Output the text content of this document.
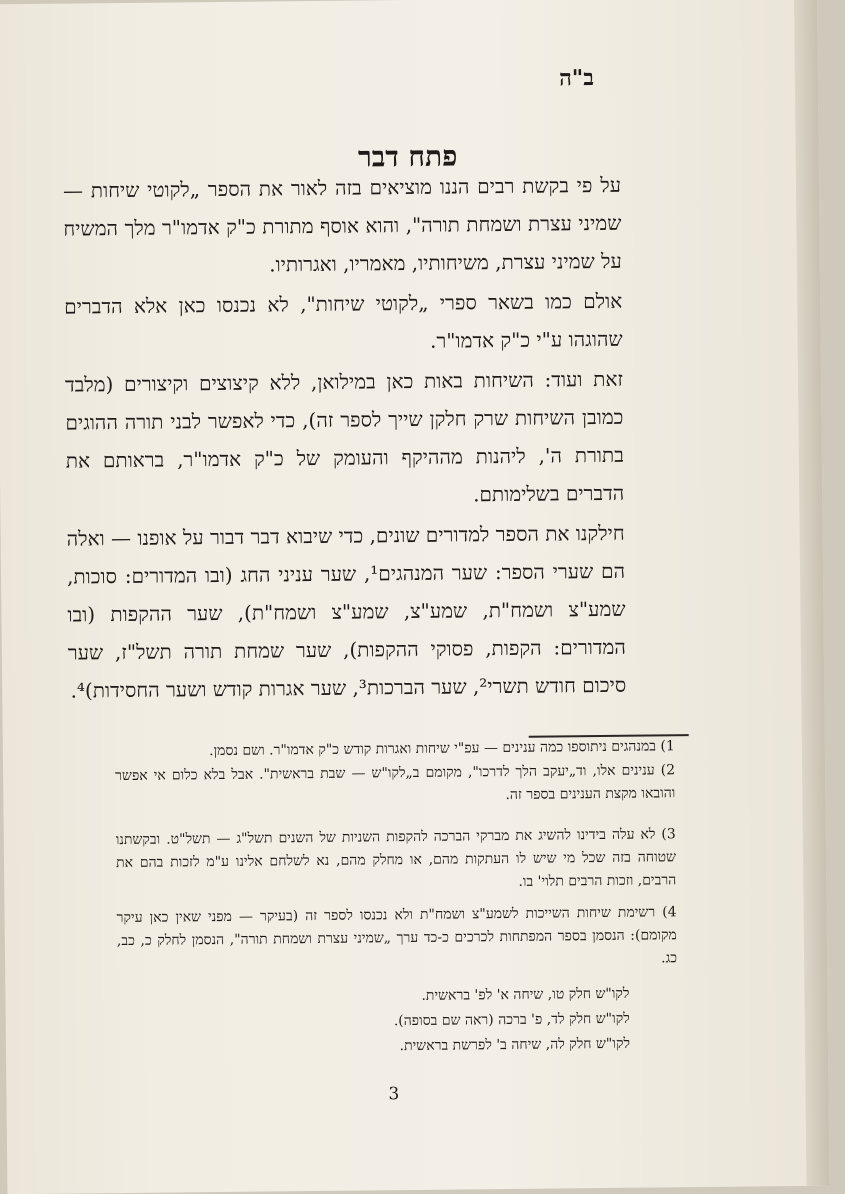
ב"ה
פתח דבר
על פי בקשת רבים הננו מוציאים בזה לאור את הספר „לקוטי שיחות — שמיני עצרת ושמחת תורה", והוא אוסף מתורת כ"ק אדמו"ר מלך המשיח על שמיני עצרת, משיחותיו, מאמריו, ואגרותיו.
אולם כמו בשאר ספרי „לקוטי שיחות", לא נכנסו כאן אלא הדברים שהוגהו ע"י כ"ק אדמו"ר.
זאת ועוד: השיחות באות כאן במילואן, ללא קיצוצים וקיצורים (מלבד כמובן השיחות שרק חלקן שייך לספר זה), כדי לאפשר לבני תורה ההוגים בתורת ה', ליהנות מההיקף והעומק של כ"ק אדמו"ר, בראותם את הדברים בשלימותם.
חילקנו את הספר למדורים שונים, כדי שיבוא דבר דבור על אופנו — ואלה הם שערי הספר: שער המנהגים¹, שער עניני החג (ובו המדורים: סוכות, שמע"צ ושמח"ת, שמע"צ, שמע"צ ושמח"ת), שער ההקפות (ובו המדורים: הקפות, פסוקי ההקפות), שער שמחת תורה תשל"ז, שער סיכום חודש תשרי², שער הברכות³, שער אגרות קודש ושער החסידות)⁴.
1) במנהגים ניתוספו כמה ענינים — עפ"י שיחות ואגרות קודש כ"ק אדמו"ר. ושם נסמן.
2) ענינים אלו, וד„יעקב הלך לדרכו", מקומם ב„לקו"ש — שבת בראשית". אבל בלא כלום אי אפשר והובאו מקצת הענינים בספר זה.
3) לא עלה בידינו להשיג את מברקי הברכה להקפות השניות של השנים תשל"ג — תשל"ט. ובקשתנו שטוחה בזה שכל מי שיש לו העתקות מהם, או מחלק מהם, נא לשלחם אלינו ע"מ לזכות בהם את הרבים, וזכות הרבים תלוי' בו.
4) רשימת שיחות השייכות לשמע"צ ושמח"ת ולא נכנסו לספר זה (בעיקר — מפני שאין כאן עיקר מקומם): הנסמן בספר המפתחות לכרכים כ-כד ערך „שמיני עצרת ושמחת תורה", הנסמן לחלק כ, כב, כג.
לקו"ש חלק טו, שיחה א' לפ' בראשית.
לקו"ש חלק לד, פ' ברכה (ראה שם בסופה).
לקו"ש חלק לה, שיחה ב' לפרשת בראשית.
3
